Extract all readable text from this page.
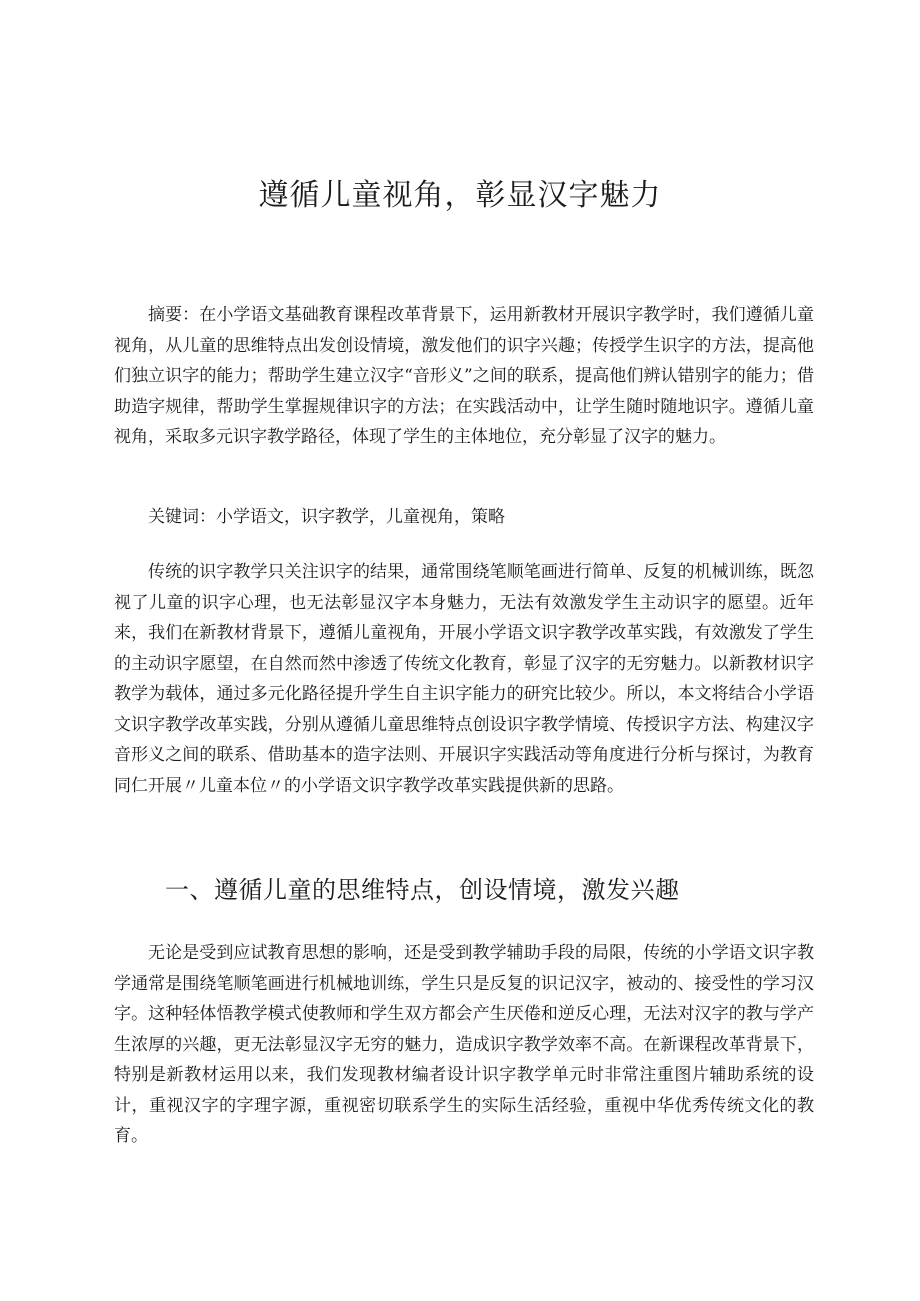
遵循儿童视角，彰显汉字魅力

摘要：在小学语文基础教育课程改革背景下，运用新教材开展识字教学时，我们遵循儿童视角，从儿童的思维特点出发创设情境，激发他们的识字兴趣；传授学生识字的方法，提高他们独立识字的能力；帮助学生建立汉字“音形义”之间的联系，提高他们辨认错别字的能力；借助造字规律，帮助学生掌握规律识字的方法；在实践活动中，让学生随时随地识字。遵循儿童视角，采取多元识字教学路径，体现了学生的主体地位，充分彰显了汉字的魅力。

关键词：小学语文，识字教学，儿童视角，策略

传统的识字教学只关注识字的结果，通常围绕笔顺笔画进行简单、反复的机械训练，既忽视了儿童的识字心理，也无法彰显汉字本身魅力，无法有效激发学生主动识字的愿望。近年来，我们在新教材背景下，遵循儿童视角，开展小学语文识字教学改革实践，有效激发了学生的主动识字愿望，在自然而然中渗透了传统文化教育，彰显了汉字的无穷魅力。以新教材识字教学为载体，通过多元化路径提升学生自主识字能力的研究比较少。所以，本文将结合小学语文识字教学改革实践，分别从遵循儿童思维特点创设识字教学情境、传授识字方法、构建汉字音形义之间的联系、借助基本的造字法则、开展识字实践活动等角度进行分析与探讨，为教育同仁开展〃儿童本位〃的小学语文识字教学改革实践提供新的思路。

一、遵循儿童的思维特点，创设情境，激发兴趣

无论是受到应试教育思想的影响，还是受到教学辅助手段的局限，传统的小学语文识字教学通常是围绕笔顺笔画进行机械地训练，学生只是反复的识记汉字，被动的、接受性的学习汉字。这种轻体悟教学模式使教师和学生双方都会产生厌倦和逆反心理，无法对汉字的教与学产生浓厚的兴趣，更无法彰显汉字无穷的魅力，造成识字教学效率不高。在新课程改革背景下，特别是新教材运用以来，我们发现教材编者设计识字教学单元时非常注重图片辅助系统的设计，重视汉字的字理字源，重视密切联系学生的实际生活经验，重视中华优秀传统文化的教育。
